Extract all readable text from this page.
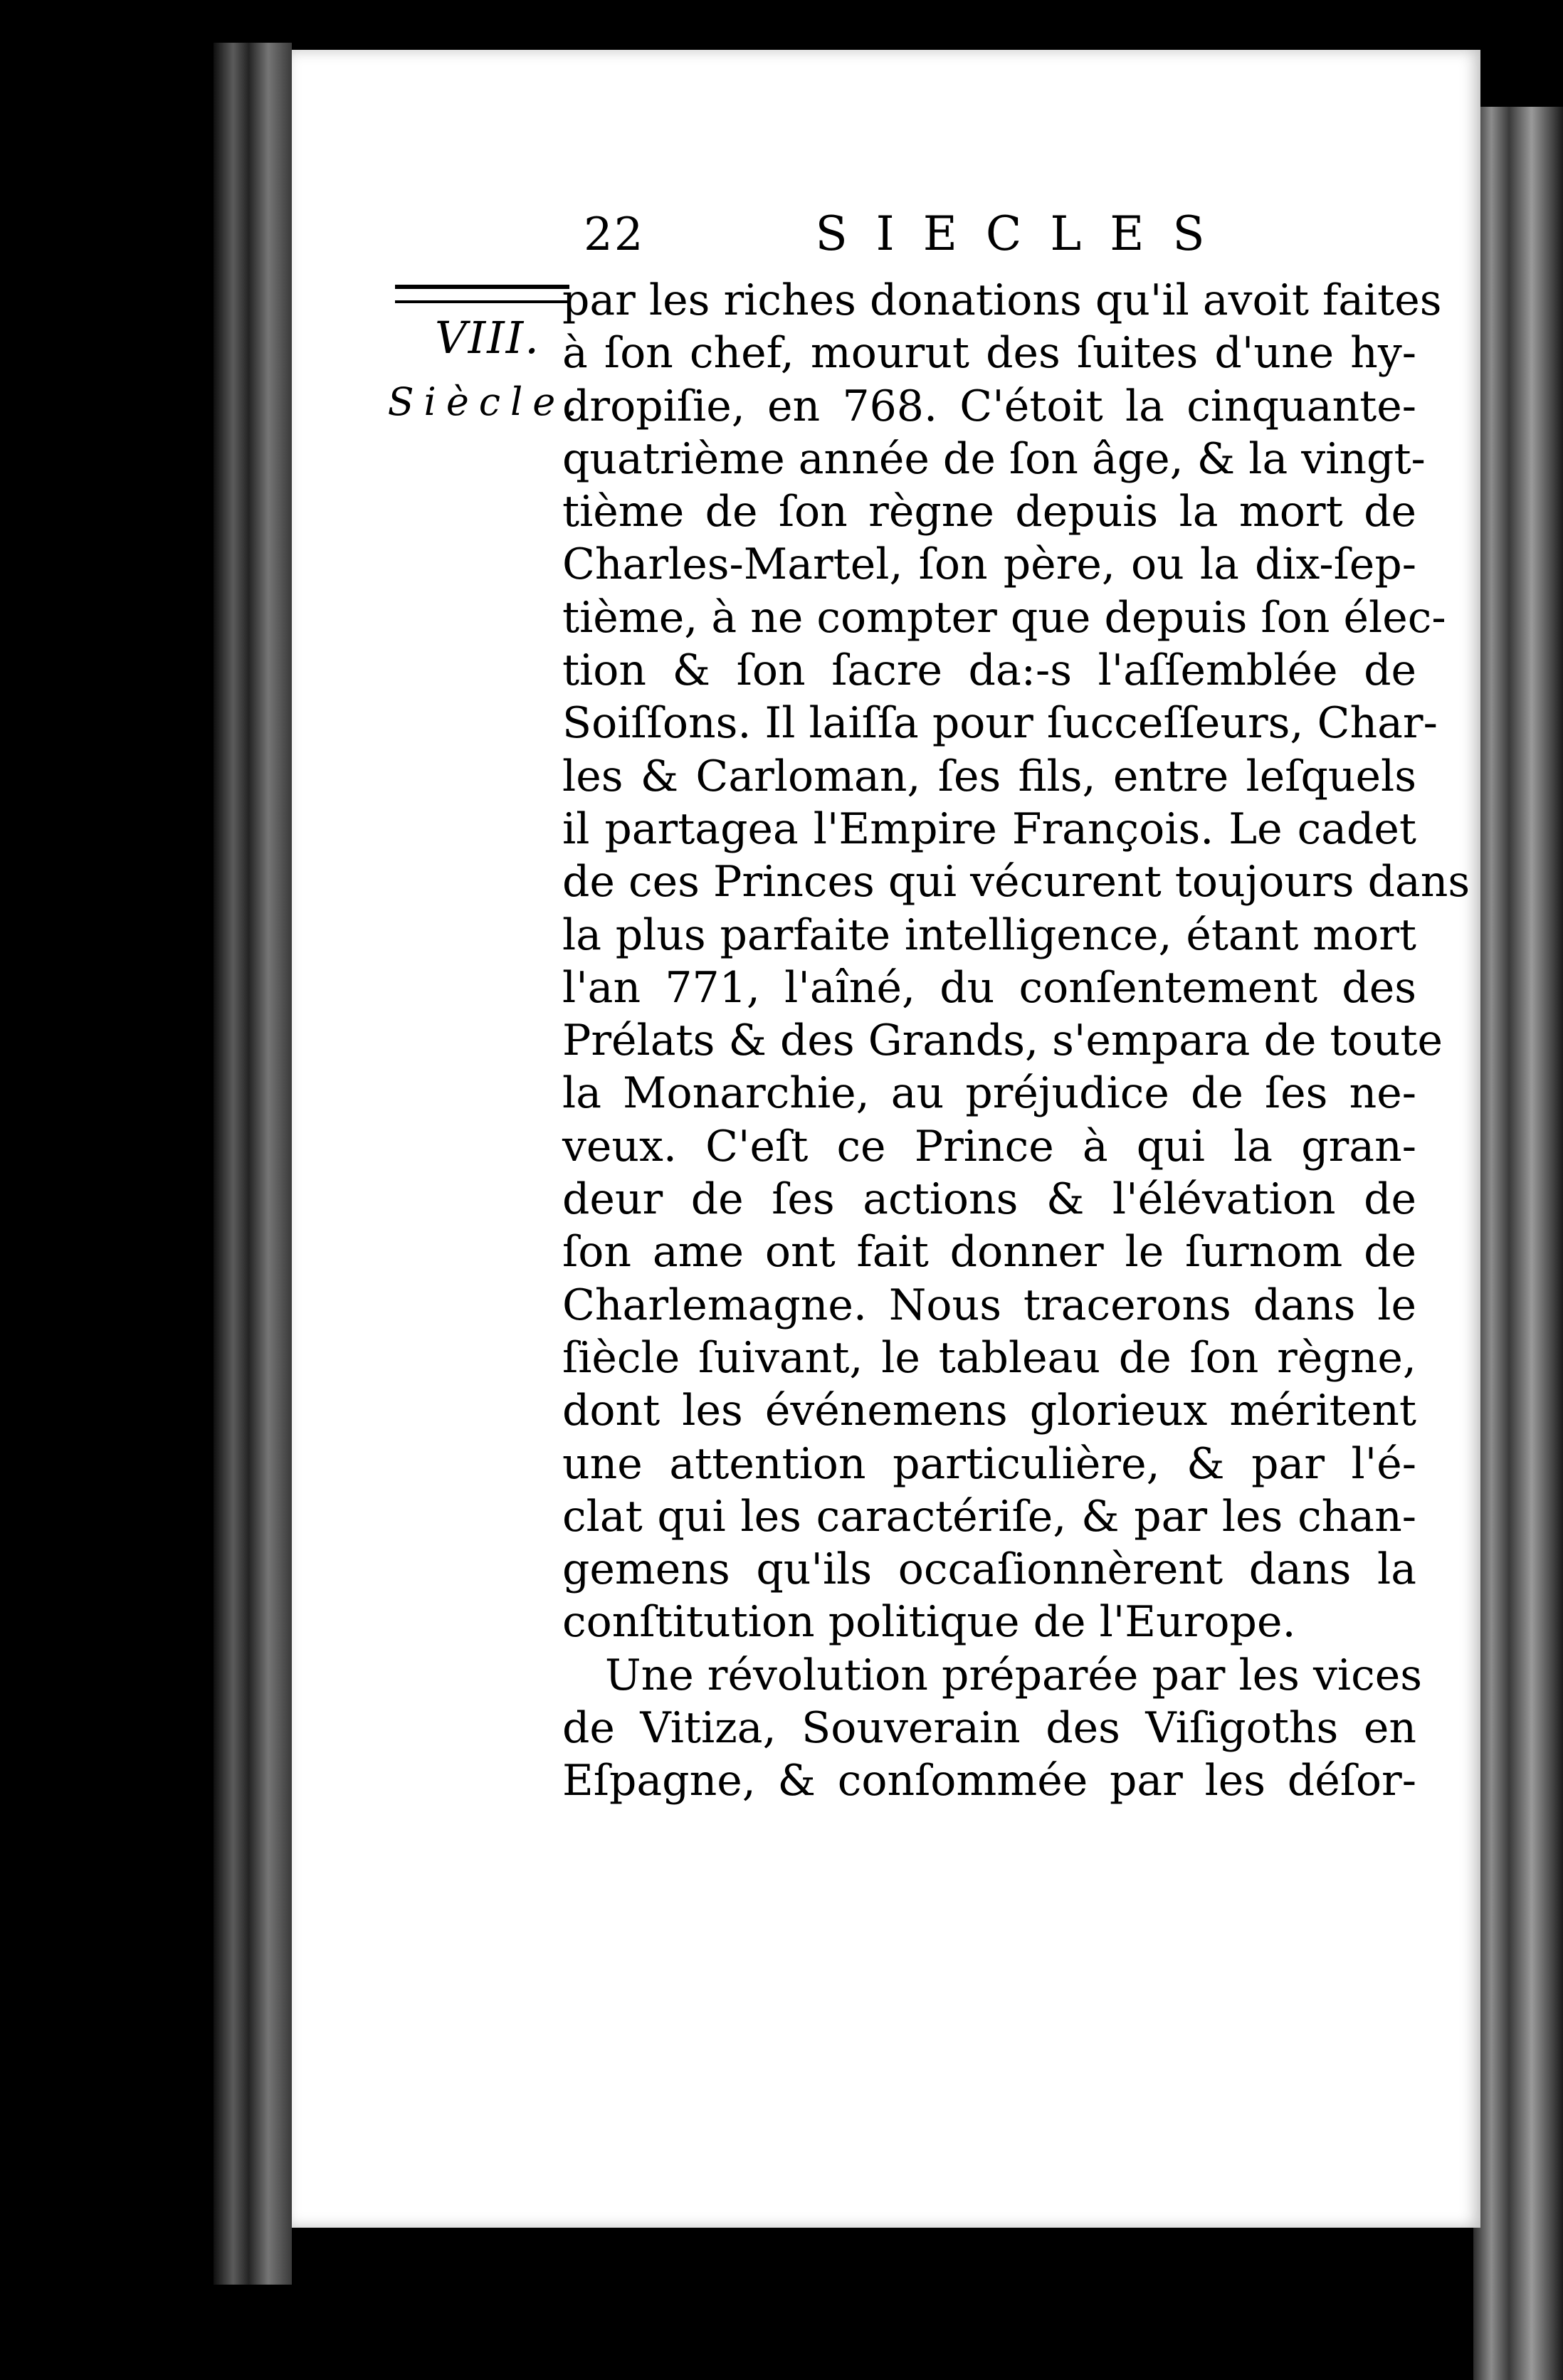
22	SIECLES
VIII.
Siècle.
par les riches donations qu'il avoit faites
à ſon chef, mourut des ſuites d'une hy-
dropiſie, en 768. C'étoit la cinquante-
quatrième année de ſon âge, & la vingt-
tième de ſon règne depuis la mort de
Charles-Martel, ſon père, ou la dix-ſep-
tième, à ne compter que depuis ſon élec-
tion & ſon ſacre da:-s l'aſſemblée de
Soiſſons. Il laiſſa pour ſucceſſeurs, Char-
les & Carloman, ſes fils, entre leſquels
il partagea l'Empire François. Le cadet
de ces Princes qui vécurent toujours dans
la plus parfaite intelligence, étant mort
l'an 771, l'aîné, du conſentement des
Prélats & des Grands, s'empara de toute
la Monarchie, au préjudice de ſes ne-
veux. C'eſt ce Prince à qui la gran-
deur de ſes actions & l'élévation de
ſon ame ont fait donner le ſurnom de
Charlemagne. Nous tracerons dans le
ſiècle ſuivant, le tableau de ſon règne,
dont les événemens glorieux méritent
une attention particulière, & par l'é-
clat qui les caractériſe, & par les chan-
gemens qu'ils occaſionnèrent dans la
conſtitution politique de l'Europe.
Une révolution préparée par les vices
de Vitiza, Souverain des Viſigoths en
Eſpagne, & conſommée par les déſor-
